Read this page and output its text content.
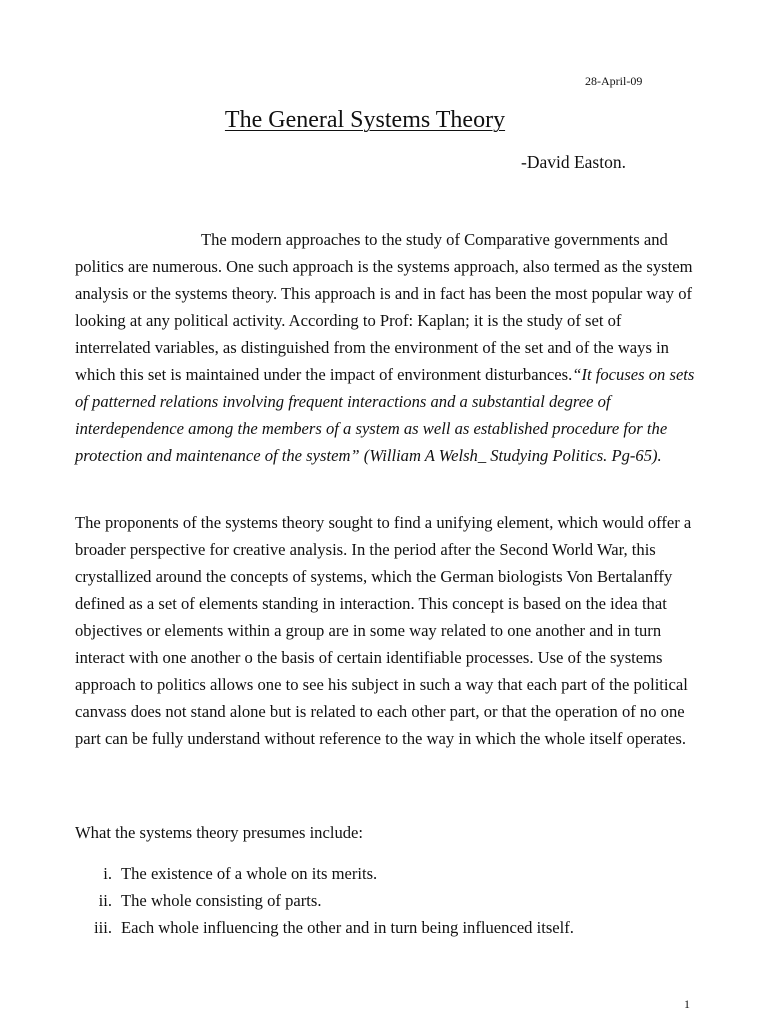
28-April-09
The General Systems Theory
-David Easton.

The modern approaches to the study of Comparative governments and politics are numerous. One such approach is the systems approach, also termed as the system analysis or the systems theory. This approach is and in fact has been the most popular way of looking at any political activity. According to Prof: Kaplan; it is the study of set of interrelated variables, as distinguished from the environment of the set and of the ways in which this set is maintained under the impact of environment disturbances.“It focuses on sets of patterned relations involving frequent interactions and a substantial degree of interdependence among the members of a system as well as established procedure for the protection and maintenance of the system” (William A Welsh_ Studying Politics. Pg-65).

The proponents of the systems theory sought to find a unifying element, which would offer a broader perspective for creative analysis. In the period after the Second World War, this crystallized around the concepts of systems, which the German biologists Von Bertalanffy defined as a set of elements standing in interaction. This concept is based on the idea that objectives or elements within a group are in some way related to one another and in turn interact with one another o the basis of certain identifiable processes. Use of the systems approach to politics allows one to see his subject in such a way that each part of the political canvass does not stand alone but is related to each other part, or that the operation of no one part can be fully understand without reference to the way in which the whole itself operates.

What the systems theory presumes include:

i. The existence of a whole on its merits.
ii. The whole consisting of parts.
iii. Each whole influencing the other and in turn being influenced itself.
1
